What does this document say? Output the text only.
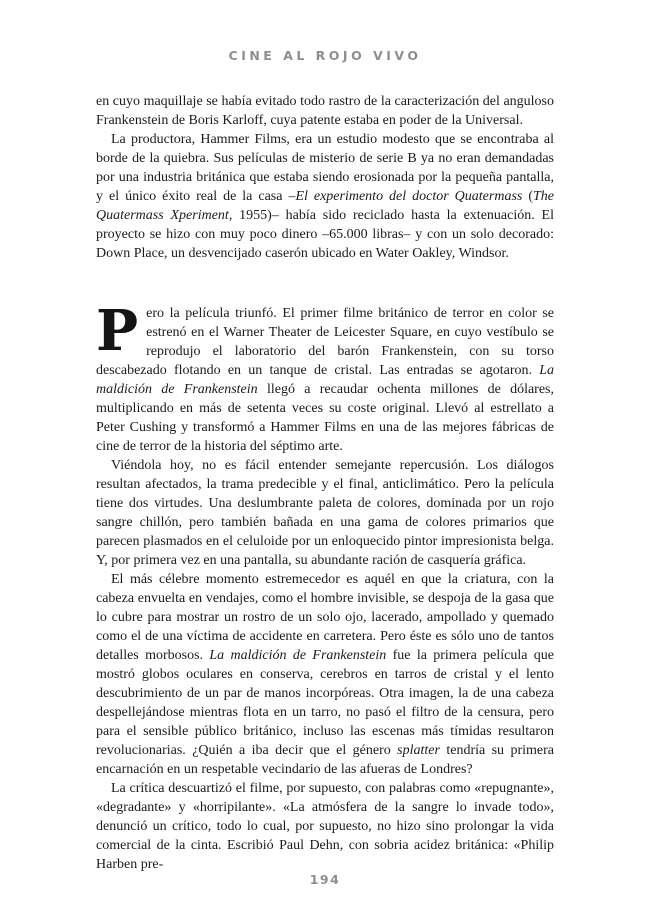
CINE AL ROJO VIVO

en cuyo maquillaje se había evitado todo rastro de la caracterización del anguloso Frankenstein de Boris Karloff, cuya patente estaba en poder de la Universal.

La productora, Hammer Films, era un estudio modesto que se encontraba al borde de la quiebra. Sus películas de misterio de serie B ya no eran demandadas por una industria británica que estaba siendo erosionada por la pequeña pantalla, y el único éxito real de la casa –El experimento del doctor Quatermass (The Quatermass Xperiment, 1955)– había sido reciclado hasta la extenuación. El proyecto se hizo con muy poco dinero –65.000 libras– y con un solo decorado: Down Place, un desvencijado caserón ubicado en Water Oakley, Windsor.

Pero la película triunfó. El primer filme británico de terror en color se estrenó en el Warner Theater de Leicester Square, en cuyo vestíbulo se reprodujo el laboratorio del barón Frankenstein, con su torso descabezado flotando en un tanque de cristal. Las entradas se agotaron. La maldición de Frankenstein llegó a recaudar ochenta millones de dólares, multiplicando en más de setenta veces su coste original. Llevó al estrellato a Peter Cushing y transformó a Hammer Films en una de las mejores fábricas de cine de terror de la historia del séptimo arte.

Viéndola hoy, no es fácil entender semejante repercusión. Los diálogos resultan afectados, la trama predecible y el final, anticlimático. Pero la película tiene dos virtudes. Una deslumbrante paleta de colores, dominada por un rojo sangre chillón, pero también bañada en una gama de colores primarios que parecen plasmados en el celuloide por un enloquecido pintor impresionista belga. Y, por primera vez en una pantalla, su abundante ración de casquería gráfica.

El más célebre momento estremecedor es aquél en que la criatura, con la cabeza envuelta en vendajes, como el hombre invisible, se despoja de la gasa que lo cubre para mostrar un rostro de un solo ojo, lacerado, ampollado y quemado como el de una víctima de accidente en carretera. Pero éste es sólo uno de tantos detalles morbosos. La maldición de Frankenstein fue la primera película que mostró globos oculares en conserva, cerebros en tarros de cristal y el lento descubrimiento de un par de manos incorpóreas. Otra imagen, la de una cabeza despellejándose mientras flota en un tarro, no pasó el filtro de la censura, pero para el sensible público británico, incluso las escenas más tímidas resultaron revolucionarias. ¿Quién a iba decir que el género splatter tendría su primera encarnación en un respetable vecindario de las afueras de Londres?

La crítica descuartizó el filme, por supuesto, con palabras como «repugnante», «degradante» y «horripilante». «La atmósfera de la sangre lo invade todo», denunció un crítico, todo lo cual, por supuesto, no hizo sino prolongar la vida comercial de la cinta. Escribió Paul Dehn, con sobria acidez británica: «Philip Harben pre-

194
